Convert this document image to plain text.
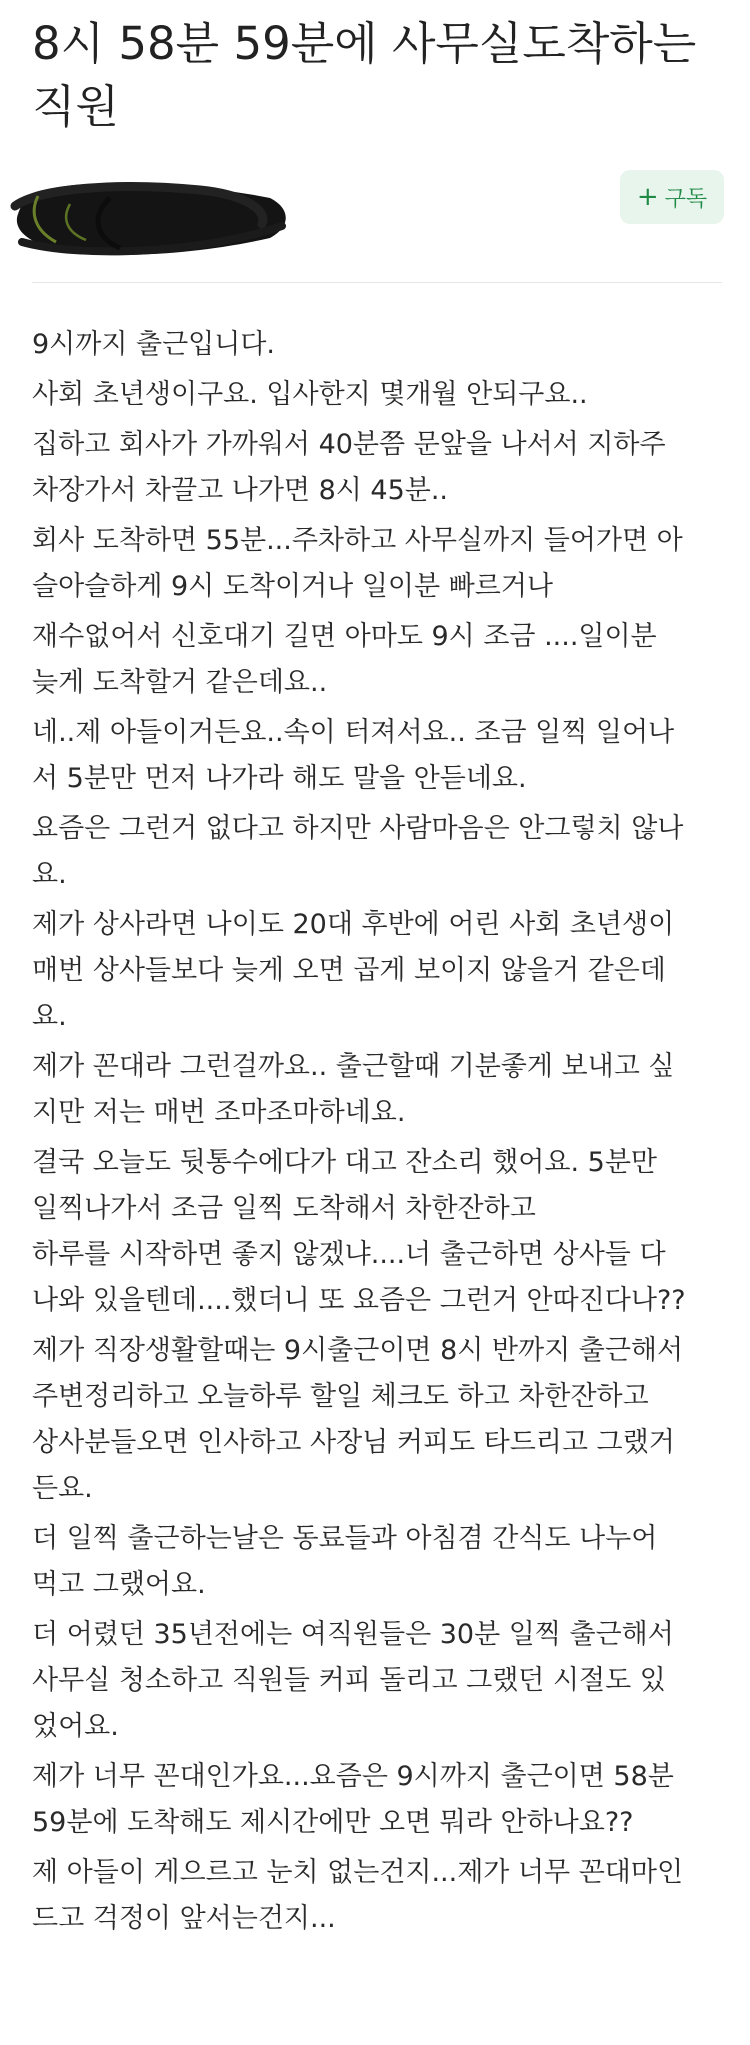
8시 58분 59분에 사무실도착하는
직원
+ 구독
9시까지 출근입니다.
사회 초년생이구요. 입사한지 몇개월 안되구요..
집하고 회사가 가까워서 40분쯤 문앞을 나서서 지하주
차장가서 차끌고 나가면 8시 45분..
회사 도착하면 55분...주차하고 사무실까지 들어가면 아
슬아슬하게 9시 도착이거나 일이분 빠르거나
재수없어서 신호대기 길면 아마도 9시 조금 ....일이분
늦게 도착할거 같은데요..
네..제 아들이거든요..속이 터져서요.. 조금 일찍 일어나
서 5분만 먼저 나가라 해도 말을 안듣네요.
요즘은 그런거 없다고 하지만 사람마음은 안그렇치 않나
요.
제가 상사라면 나이도 20대 후반에 어린 사회 초년생이
매번 상사들보다 늦게 오면 곱게 보이지 않을거 같은데
요.
제가 꼰대라 그런걸까요.. 출근할때 기분좋게 보내고 싶
지만 저는 매번 조마조마하네요.
결국 오늘도 뒷통수에다가 대고 잔소리 했어요. 5분만
일찍나가서 조금 일찍 도착해서 차한잔하고
하루를 시작하면 좋지 않겠냐....너 출근하면 상사들 다
나와 있을텐데....했더니 또 요즘은 그런거 안따진다나??
제가 직장생활할때는 9시출근이면 8시 반까지 출근해서
주변정리하고 오늘하루 할일 체크도 하고 차한잔하고
상사분들오면 인사하고 사장님 커피도 타드리고 그랬거
든요.
더 일찍 출근하는날은 동료들과 아침겸 간식도 나누어
먹고 그랬어요.
더 어렸던 35년전에는 여직원들은 30분 일찍 출근해서
사무실 청소하고 직원들 커피 돌리고 그랬던 시절도 있
었어요.
제가 너무 꼰대인가요...요즘은 9시까지 출근이면 58분
59분에 도착해도 제시간에만 오면 뭐라 안하나요??
제 아들이 게으르고 눈치 없는건지...제가 너무 꼰대마인
드고 걱정이 앞서는건지...
